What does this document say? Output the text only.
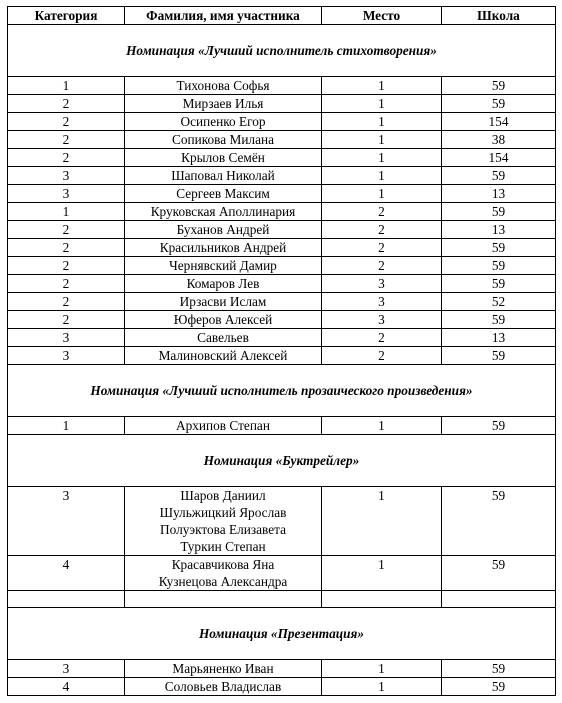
Категория	Фамилия, имя участника	Место	Школа
Номинация «Лучший исполнитель стихотворения»			
1	Тихонова Софья	1	59
2	Мирзаев Илья	1	59
2	Осипенко Егор	1	154
2	Сопикова Милана	1	38
2	Крылов Семён	1	154
3	Шаповал Николай	1	59
3	Сергеев Максим	1	13
1	Круковская Аполлинария	2	59
2	Буханов Андрей	2	13
2	Красильников Андрей	2	59
2	Чернявский Дамир	2	59
2	Комаров Лев	3	59
2	Ирзасви Ислам	3	52
2	Юферов Алексей	3	59
3	Савельев	2	13
3	Малиновский Алексей	2	59
Номинация «Лучший исполнитель прозаического произведения»			
1	Архипов Степан	1	59
Номинация «Буктрейлер»			
3	Шаров Даниил
Шульжицкий Ярослав
Полуэктова Елизавета
Туркин Степан	1	59
4	Красавчикова Яна
Кузнецова Александра	1	59

Номинация «Презентация»			
3	Марьяненко Иван	1	59
4	Соловьев Владислав	1	59
